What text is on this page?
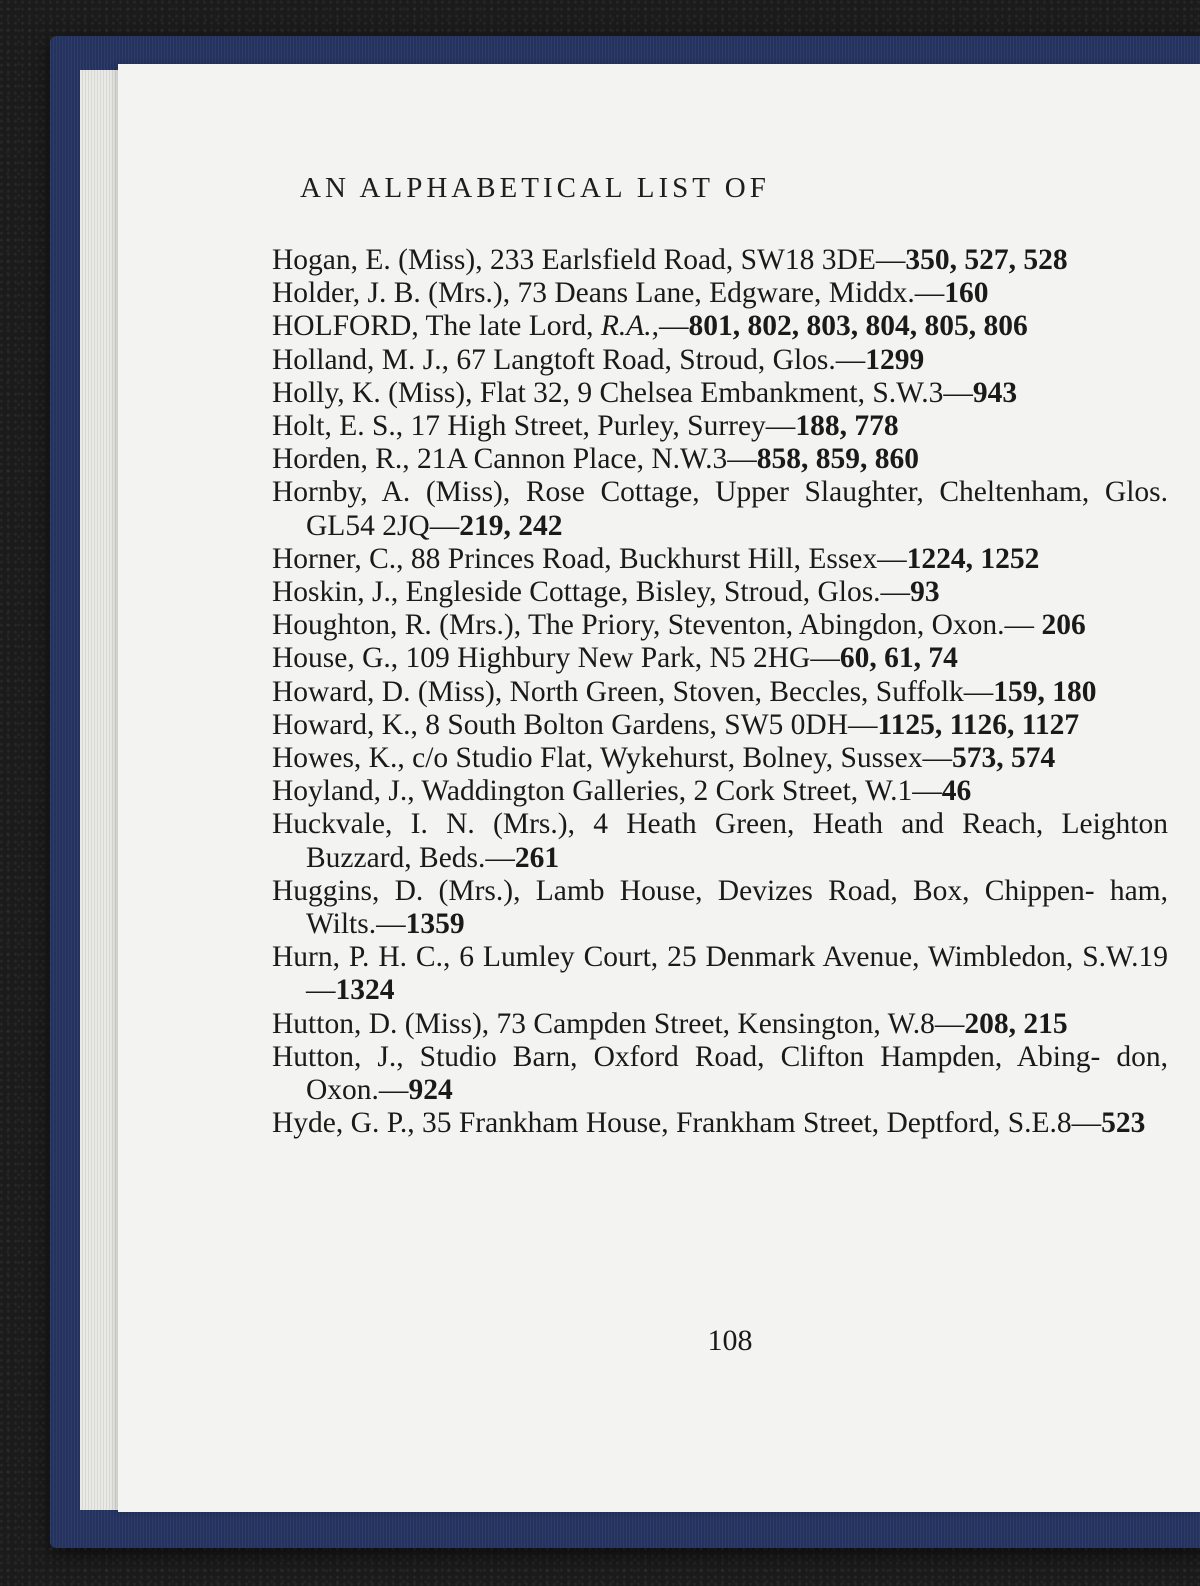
AN ALPHABETICAL LIST OF

Hogan, E. (Miss), 233 Earlsfield Road, SW18 3DE—350, 527, 528

Holder, J. B. (Mrs.), 73 Deans Lane, Edgware, Middx.—160

HOLFORD, The late Lord, R.A.,—801, 802, 803, 804, 805, 806

Holland, M. J., 67 Langtoft Road, Stroud, Glos.—1299

Holly, K. (Miss), Flat 32, 9 Chelsea Embankment, S.W.3—943

Holt, E. S., 17 High Street, Purley, Surrey—188, 778

Horden, R., 21A Cannon Place, N.W.3—858, 859, 860

Hornby, A. (Miss), Rose Cottage, Upper Slaughter, Cheltenham, Glos. GL54 2JQ—219, 242

Horner, C., 88 Princes Road, Buckhurst Hill, Essex—1224, 1252

Hoskin, J., Engleside Cottage, Bisley, Stroud, Glos.—93

Houghton, R. (Mrs.), The Priory, Steventon, Abingdon, Oxon.— 206

House, G., 109 Highbury New Park, N5 2HG—60, 61, 74

Howard, D. (Miss), North Green, Stoven, Beccles, Suffolk—159, 180

Howard, K., 8 South Bolton Gardens, SW5 0DH—1125, 1126, 1127

Howes, K., c/o Studio Flat, Wykehurst, Bolney, Sussex—573, 574

Hoyland, J., Waddington Galleries, 2 Cork Street, W.1—46

Huckvale, I. N. (Mrs.), 4 Heath Green, Heath and Reach, Leighton Buzzard, Beds.—261

Huggins, D. (Mrs.), Lamb House, Devizes Road, Box, Chippen- ham, Wilts.—1359

Hurn, P. H. C., 6 Lumley Court, 25 Denmark Avenue, Wimbledon, S.W.19—1324

Hutton, D. (Miss), 73 Campden Street, Kensington, W.8—208, 215

Hutton, J., Studio Barn, Oxford Road, Clifton Hampden, Abing- don, Oxon.—924

Hyde, G. P., 35 Frankham House, Frankham Street, Deptford, S.E.8—523

108
